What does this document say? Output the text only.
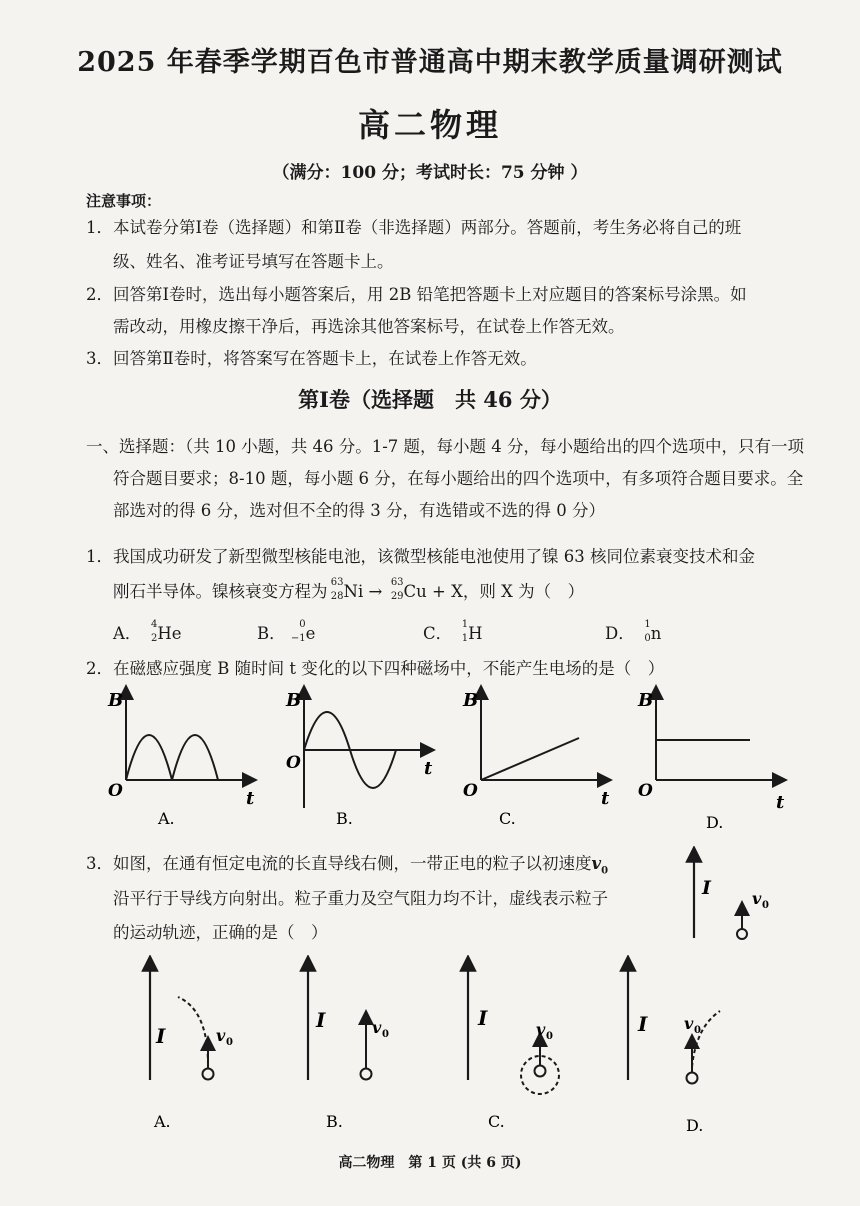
2025 年春季学期百色市普通高中期末教学质量调研测试
高二物理
（满分：100 分；考试时长：75 分钟 ）
注意事项：
1．本试卷分第Ⅰ卷（选择题）和第Ⅱ卷（非选择题）两部分。答题前，考生务必将自己的班
级、姓名、准考证号填写在答题卡上。
2．回答第Ⅰ卷时，选出每小题答案后，用 2B 铅笔把答题卡上对应题目的答案标号涂黑。如
需改动，用橡皮擦干净后，再选涂其他答案标号，在试卷上作答无效。
3．回答第Ⅱ卷时，将答案写在答题卡上，在试卷上作答无效。
第Ⅰ卷（选择题　共 46 分）
一、选择题：（共 10 小题，共 46 分。1-7 题，每小题 4 分，每小题给出的四个选项中，只有一项
符合题目要求；8-10 题，每小题 6 分，在每小题给出的四个选项中，有多项符合题目要求。全
部选对的得 6 分，选对但不全的得 3 分，有选错或不选的得 0 分）
1．我国成功研发了新型微型核能电池，该微型核能电池使用了镍 63 核同位素衰变技术和金
刚石半导体。镍核衰变方程为 63
28 Ni → 63
29 Cu + X，则 X 为（　）
A． 4
2 He	B． 0
−1 e	C． 1
1 H	D． 1
0 n
2．在磁感应强度 B 随时间 t 变化的以下四种磁场中，不能产生电场的是（　）
B
t
O
A.
B
t
O
B.
B
t
O
C.
B
t
O
D.
3．如图，在通有恒定电流的长直导线右侧，一带正电的粒子以初速度$v_0$
沿平行于导线方向射出。粒子重力及空气阻力均不计，虚线表示粒子
的运动轨迹，正确的是（　）
I	v 0
I	v 0
A.
I	v 0
B.
I	v 0
C.
I v 0
D.
高二物理　第 1 页 (共 6 页)
